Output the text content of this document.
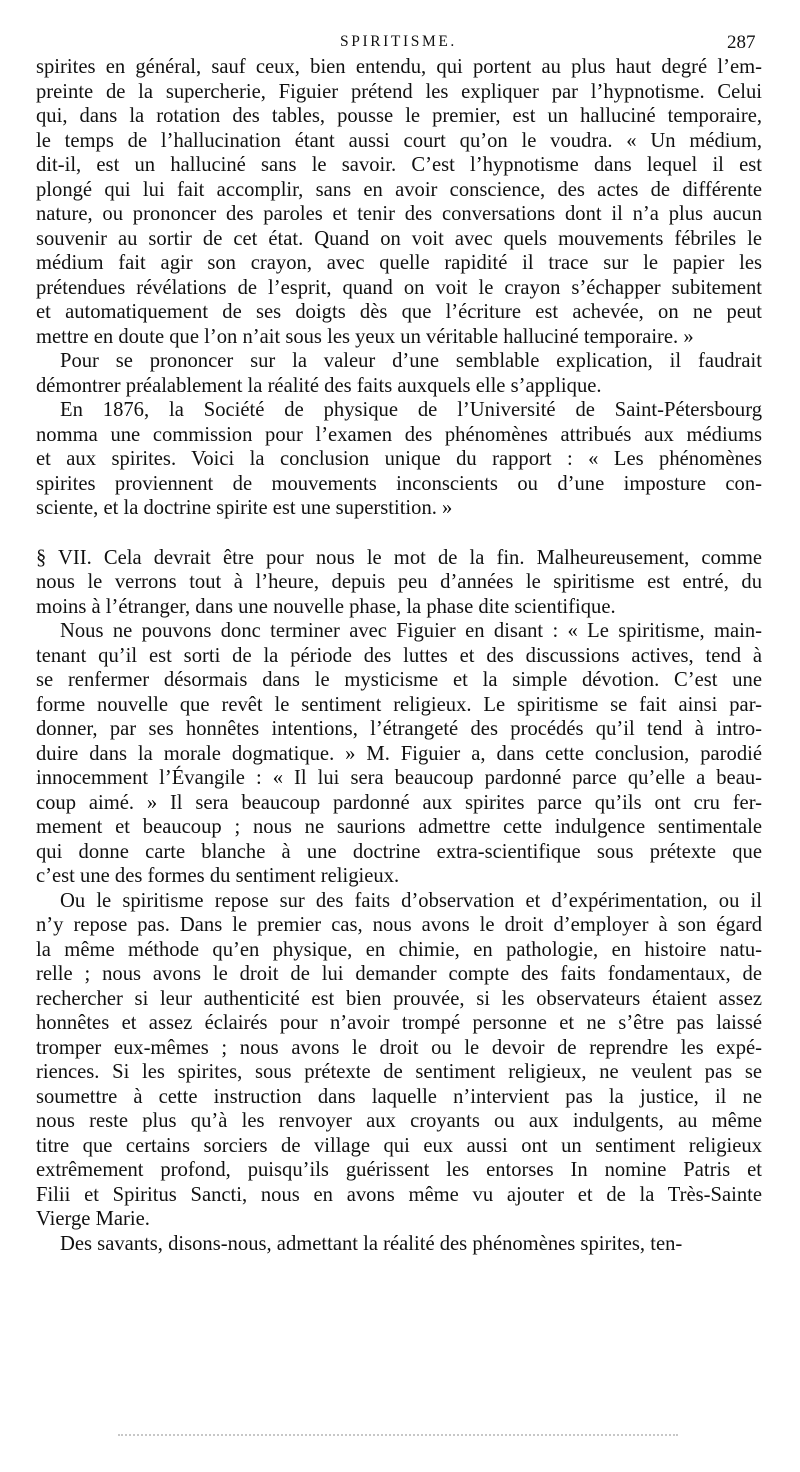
SPIRITISME.	287

spirites en général, sauf ceux, bien entendu, qui portent au plus haut degré l’em-
preinte de la supercherie, Figuier prétend les expliquer par l’hypnotisme. Celui
qui, dans la rotation des tables, pousse le premier, est un halluciné temporaire,
le temps de l’hallucination étant aussi court qu’on le voudra. « Un médium,
dit-il, est un halluciné sans le savoir. C’est l’hypnotisme dans lequel il est
plongé qui lui fait accomplir, sans en avoir conscience, des actes de différente
nature, ou prononcer des paroles et tenir des conversations dont il n’a plus aucun
souvenir au sortir de cet état. Quand on voit avec quels mouvements fébriles le
médium fait agir son crayon, avec quelle rapidité il trace sur le papier les
prétendues révélations de l’esprit, quand on voit le crayon s’échapper subitement
et automatiquement de ses doigts dès que l’écriture est achevée, on ne peut
mettre en doute que l’on n’ait sous les yeux un véritable halluciné temporaire. »

Pour se prononcer sur la valeur d’une semblable explication, il faudrait
démontrer préalablement la réalité des faits auxquels elle s’applique.

En 1876, la Société de physique de l’Université de Saint-Pétersbourg
nomma une commission pour l’examen des phénomènes attribués aux médiums
et aux spirites. Voici la conclusion unique du rapport : « Les phénomènes
spirites proviennent de mouvements inconscients ou d’une imposture con-
sciente, et la doctrine spirite est une superstition. »

§ VII. Cela devrait être pour nous le mot de la fin. Malheureusement, comme
nous le verrons tout à l’heure, depuis peu d’années le spiritisme est entré, du
moins à l’étranger, dans une nouvelle phase, la phase dite scientifique.

Nous ne pouvons donc terminer avec Figuier en disant : « Le spiritisme, main-
tenant qu’il est sorti de la période des luttes et des discussions actives, tend à
se renfermer désormais dans le mysticisme et la simple dévotion. C’est une
forme nouvelle que revêt le sentiment religieux. Le spiritisme se fait ainsi par-
donner, par ses honnêtes intentions, l’étrangeté des procédés qu’il tend à intro-
duire dans la morale dogmatique. » M. Figuier a, dans cette conclusion, parodié
innocemment l’Évangile : « Il lui sera beaucoup pardonné parce qu’elle a beau-
coup aimé. » Il sera beaucoup pardonné aux spirites parce qu’ils ont cru fer-
mement et beaucoup ; nous ne saurions admettre cette indulgence sentimentale
qui donne carte blanche à une doctrine extra-scientifique sous prétexte que
c’est une des formes du sentiment religieux.

Ou le spiritisme repose sur des faits d’observation et d’expérimentation, ou il
n’y repose pas. Dans le premier cas, nous avons le droit d’employer à son égard
la même méthode qu’en physique, en chimie, en pathologie, en histoire natu-
relle ; nous avons le droit de lui demander compte des faits fondamentaux, de
rechercher si leur authenticité est bien prouvée, si les observateurs étaient assez
honnêtes et assez éclairés pour n’avoir trompé personne et ne s’être pas laissé
tromper eux-mêmes ; nous avons le droit ou le devoir de reprendre les expé-
riences. Si les spirites, sous prétexte de sentiment religieux, ne veulent pas se
soumettre à cette instruction dans laquelle n’intervient pas la justice, il ne
nous reste plus qu’à les renvoyer aux croyants ou aux indulgents, au même
titre que certains sorciers de village qui eux aussi ont un sentiment religieux
extrêmement profond, puisqu’ils guérissent les entorses In nomine Patris et
Filii et Spiritus Sancti, nous en avons même vu ajouter et de la Très-Sainte
Vierge Marie.

Des savants, disons-nous, admettant la réalité des phénomènes spirites, ten-
